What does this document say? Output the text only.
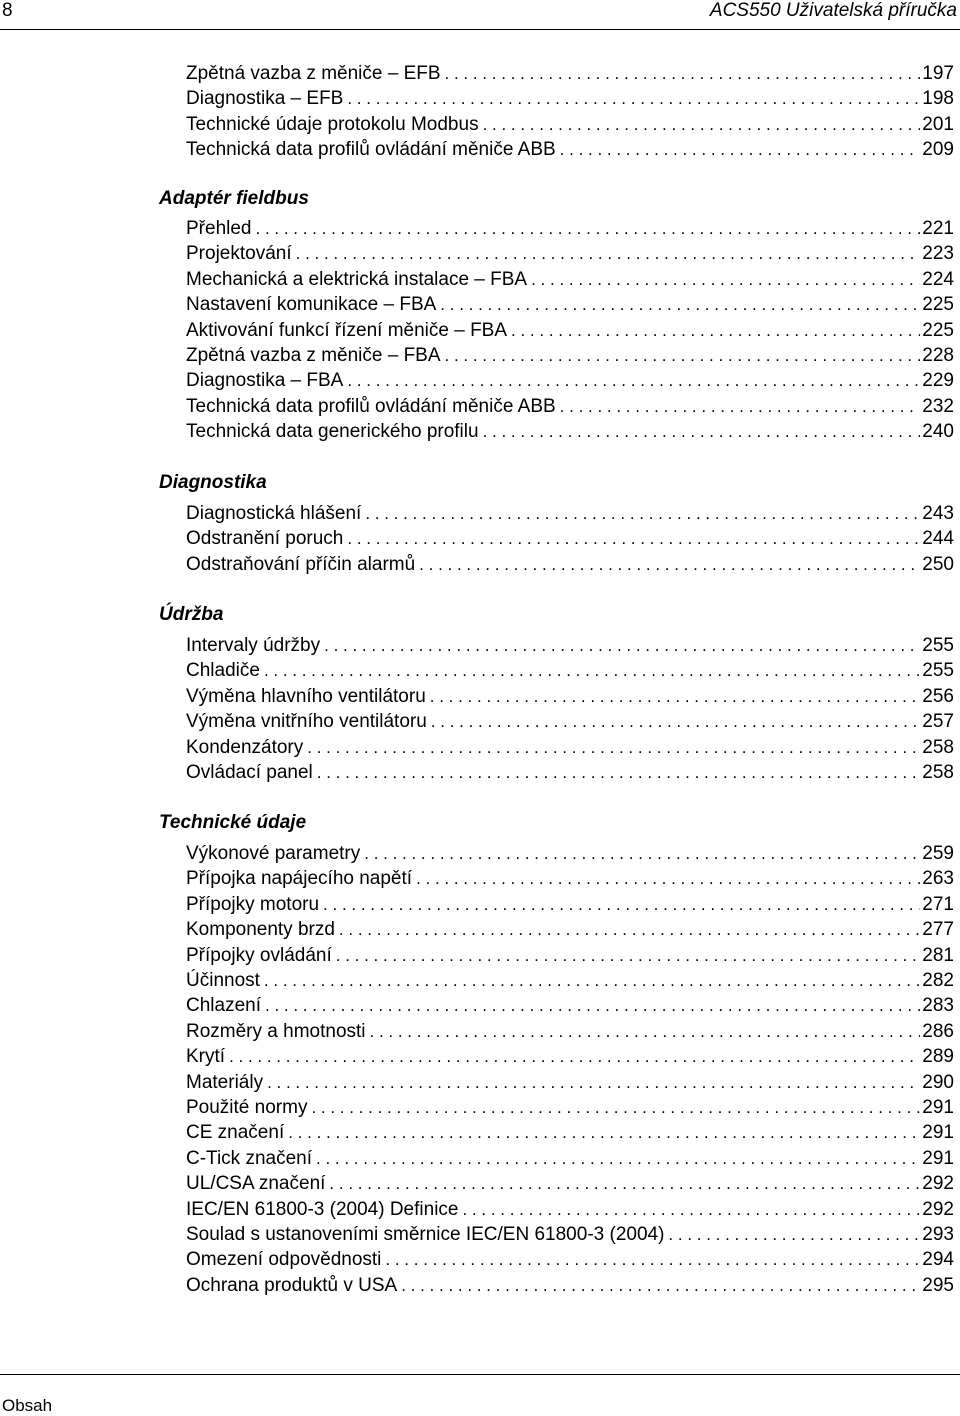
8	ACS550 Uživatelská příručka
Zpětná vazba z měniče – EFB . . .	197
Diagnostika – EFB . . .	198
Technické údaje protokolu Modbus . . .	201
Technická data profilů ovládání měniče ABB . . .	209
Adaptér fieldbus
Přehled . . .	221
Projektování . . .	223
Mechanická a elektrická instalace – FBA . . .	224
Nastavení komunikace – FBA . . .	225
Aktivování funkcí řízení měniče – FBA . . .	225
Zpětná vazba z měniče – FBA . . .	228
Diagnostika – FBA . . .	229
Technická data profilů ovládání měniče ABB . . .	232
Technická data generického profilu . . .	240
Diagnostika
Diagnostická hlášení . . .	243
Odstranění poruch . . .	244
Odstraňování příčin alarmů . . .	250
Údržba
Intervaly údržby . . .	255
Chladiče . . .	255
Výměna hlavního ventilátoru . . .	256
Výměna vnitřního ventilátoru . . .	257
Kondenzátory . . .	258
Ovládací panel . . .	258
Technické údaje
Výkonové parametry . . .	259
Přípojka napájecího napětí . . .	263
Přípojky motoru . . .	271
Komponenty brzd . . .	277
Přípojky ovládání . . .	281
Účinnost . . .	282
Chlazení . . .	283
Rozměry a hmotnosti . . .	286
Krytí . . .	289
Materiály . . .	290
Použité normy . . .	291
CE značení . . .	291
C-Tick značení . . .	291
UL/CSA značení . . .	292
IEC/EN 61800-3 (2004) Definice . . .	292
Soulad s ustanoveními směrnice IEC/EN 61800-3 (2004) . . .	293
Omezení odpovědnosti . . .	294
Ochrana produktů v USA . . .	295
Obsah
